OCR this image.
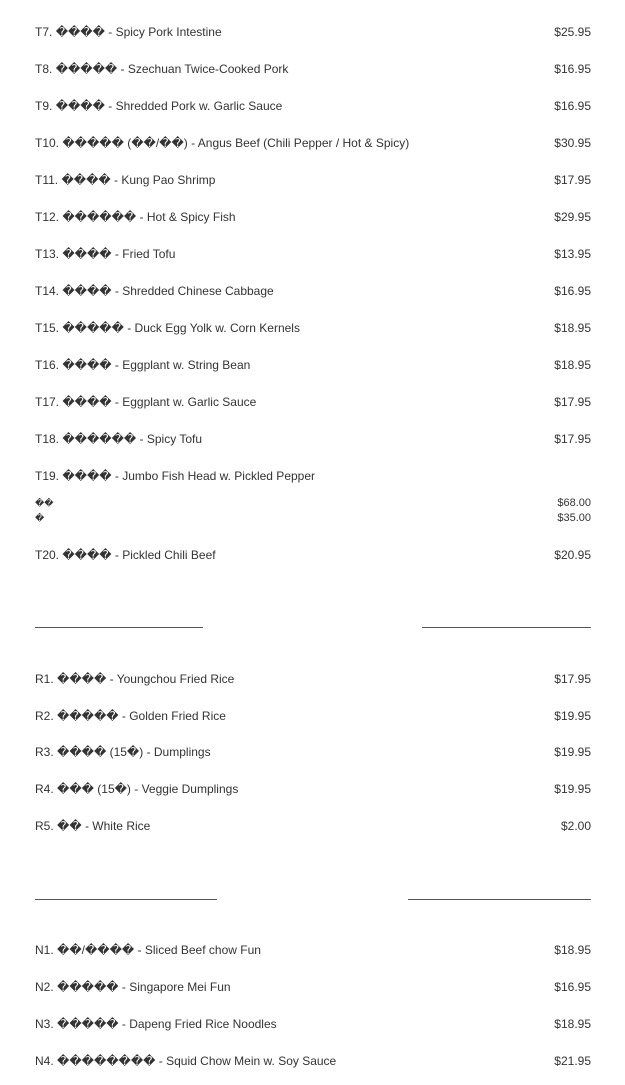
T7. ���� - Spicy Pork Intestine	$25.95
T8. ����� - Szechuan Twice-Cooked Pork	$16.95
T9. ���� - Shredded Pork w. Garlic Sauce	$16.95
T10. ����� (��/��) - Angus Beef (Chili Pepper / Hot & Spicy)	$30.95
T11. ���� - Kung Pao Shrimp	$17.95
T12. ������ - Hot & Spicy Fish	$29.95
T13. ���� - Fried Tofu	$13.95
T14. ���� - Shredded Chinese Cabbage	$16.95
T15. ����� - Duck Egg Yolk w. Corn Kernels	$18.95
T16. ���� - Eggplant w. String Bean	$18.95
T17. ���� - Eggplant w. Garlic Sauce	$17.95
T18. ������ - Spicy Tofu	$17.95
T19. ���� - Jumbo Fish Head w. Pickled Pepper
��	$68.00
�	$35.00
T20. ���� - Pickled Chili Beef	$20.95
R1. ���� - Youngchou Fried Rice	$17.95
R2. ����� - Golden Fried Rice	$19.95
R3. ���� (15�) - Dumplings	$19.95
R4. ��� (15�) - Veggie Dumplings	$19.95
R5. �� - White Rice	$2.00
N1. ��/���� - Sliced Beef chow Fun	$18.95
N2. ����� - Singapore Mei Fun	$16.95
N3. ����� - Dapeng Fried Rice Noodles	$18.95
N4. �������� - Squid Chow Mein w. Soy Sauce	$21.95
